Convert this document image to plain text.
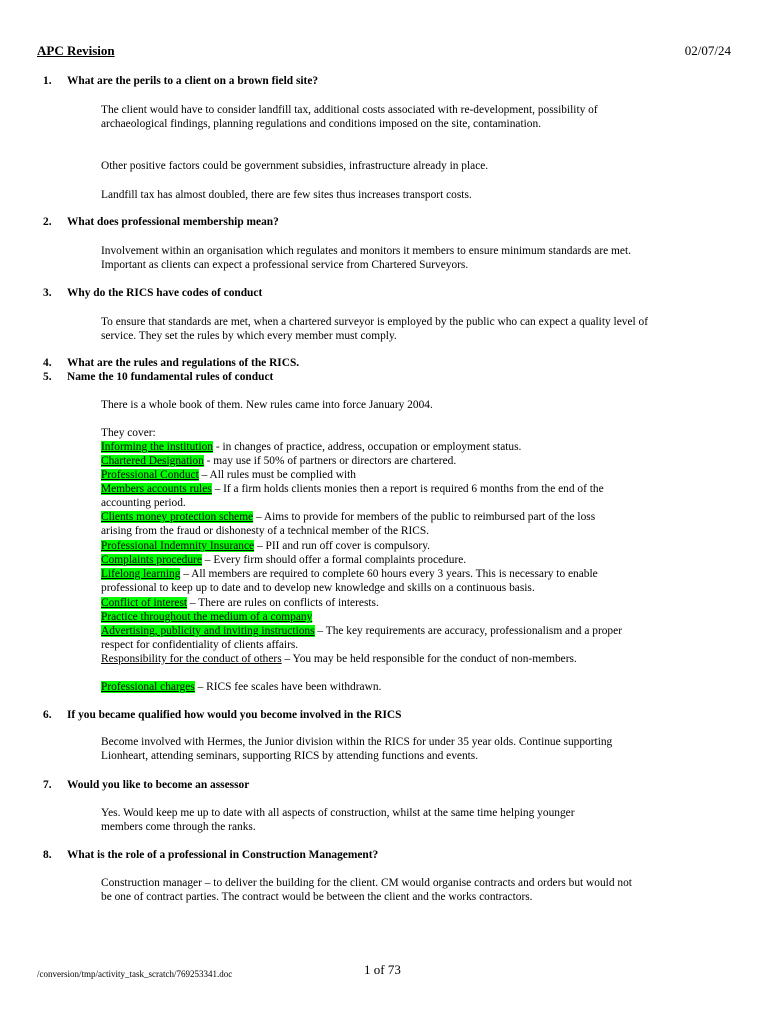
APC Revision	02/07/24
1. What are the perils to a client on a brown field site?
The client would have to consider landfill tax, additional costs associated with re-development, possibility of archaeological findings, planning regulations and conditions imposed on the site, contamination.
Other positive factors could be government subsidies, infrastructure already in place.
Landfill tax has almost doubled, there are few sites thus increases transport costs.
2. What does professional membership mean?
Involvement within an organisation which regulates and monitors it members to ensure minimum standards are met. Important as clients can expect a professional service from Chartered Surveyors.
3. Why do the RICS have codes of conduct
To ensure that standards are met, when a chartered surveyor is employed by the public who can expect a quality level of service. They set the rules by which every member must comply.
4. What are the rules and regulations of the RICS.
5. Name the 10 fundamental rules of conduct
There is a whole book of them. New rules came into force January 2004.
They cover:
Informing the institution - in changes of practice, address, occupation or employment status.
Chartered Designation - may use if 50% of partners or directors are chartered.
Professional Conduct – All rules must be complied with
Members accounts rules – If a firm holds clients monies then a report is required 6 months from the end of the accounting period.
Clients money protection scheme – Aims to provide for members of the public to reimbursed part of the loss arising from the fraud or dishonesty of a technical member of the RICS.
Professional Indemnity Insurance – PII and run off cover is compulsory.
Complaints procedure – Every firm should offer a formal complaints procedure.
Lifelong learning – All members are required to complete 60 hours every 3 years. This is necessary to enable professional to keep up to date and to develop new knowledge and skills on a continuous basis.
Conflict of interest – There are rules on conflicts of interests.
Practice throughout the medium of a company
Advertising, publicity and inviting instructions – The key requirements are accuracy, professionalism and a proper respect for confidentiality of clients affairs.
Responsibility for the conduct of others – You may be held responsible for the conduct of non-members.
Professional charges – RICS fee scales have been withdrawn.
6. If you became qualified how would you become involved in the RICS
Become involved with Hermes, the Junior division within the RICS for under 35 year olds. Continue supporting Lionheart, attending seminars, supporting RICS by attending functions and events.
7. Would you like to become an assessor
Yes. Would keep me up to date with all aspects of construction, whilst at the same time helping younger members come through the ranks.
8. What is the role of a professional in Construction Management?
Construction manager – to deliver the building for the client. CM would organise contracts and orders but would not be one of contract parties. The contract would be between the client and the works contractors.
/conversion/tmp/activity_task_scratch/769253341.doc	1 of 73
